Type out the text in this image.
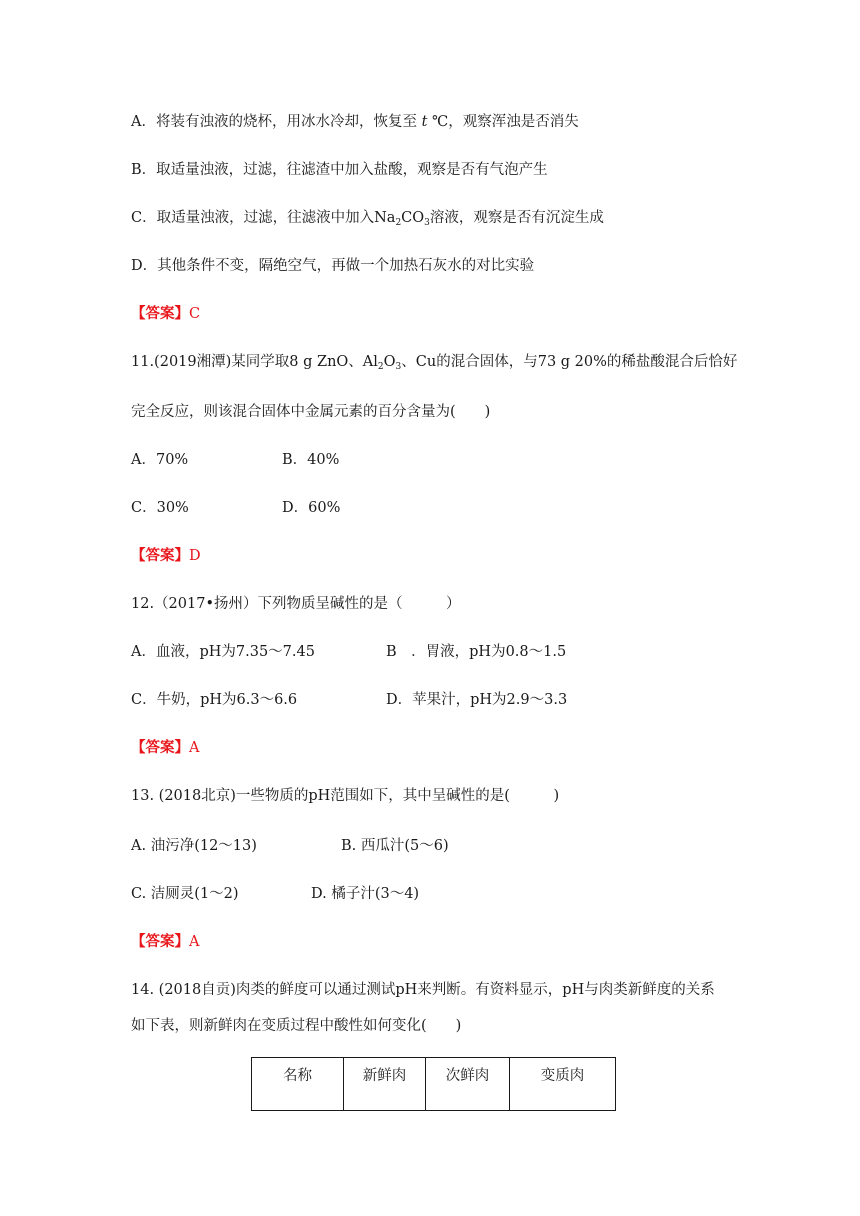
A．将装有浊液的烧杯，用冰水冷却，恢复至 t ℃，观察浑浊是否消失
B．取适量浊液，过滤，往滤渣中加入盐酸，观察是否有气泡产生
C．取适量浊液，过滤，往滤液中加入$Na_2CO_3$溶液，观察是否有沉淀生成
D．其他条件不变，隔绝空气，再做一个加热石灰水的对比实验
【答案】C
11.(2019湘潭)某同学取8 g ZnO、$Al_2O_3$、Cu的混合固体，与73 g 20%的稀盐酸混合后恰好
完全反应，则该混合固体中金属元素的百分含量为(　　)
A．70%	B．40%
C．30%	D．60%
【答案】D
12.（2017•扬州）下列物质呈碱性的是（　　　）
A．血液，pH为7.35～7.45	B　．胃液，pH为0.8～1.5
C．牛奶，pH为6.3～6.6	D．苹果汁，pH为2.9～3.3
【答案】A
13. (2018北京)一些物质的pH范围如下，其中呈碱性的是(　　　)
A. 油污净(12～13)	B. 西瓜汁(5～6)
C. 洁厕灵(1～2)	D. 橘子汁(3～4)
【答案】A
14. (2018自贡)肉类的鲜度可以通过测试pH来判断。有资料显示，pH与肉类新鲜度的关系
如下表，则新鲜肉在变质过程中酸性如何变化(　　)
名称	新鲜肉	次鲜肉	变质肉
